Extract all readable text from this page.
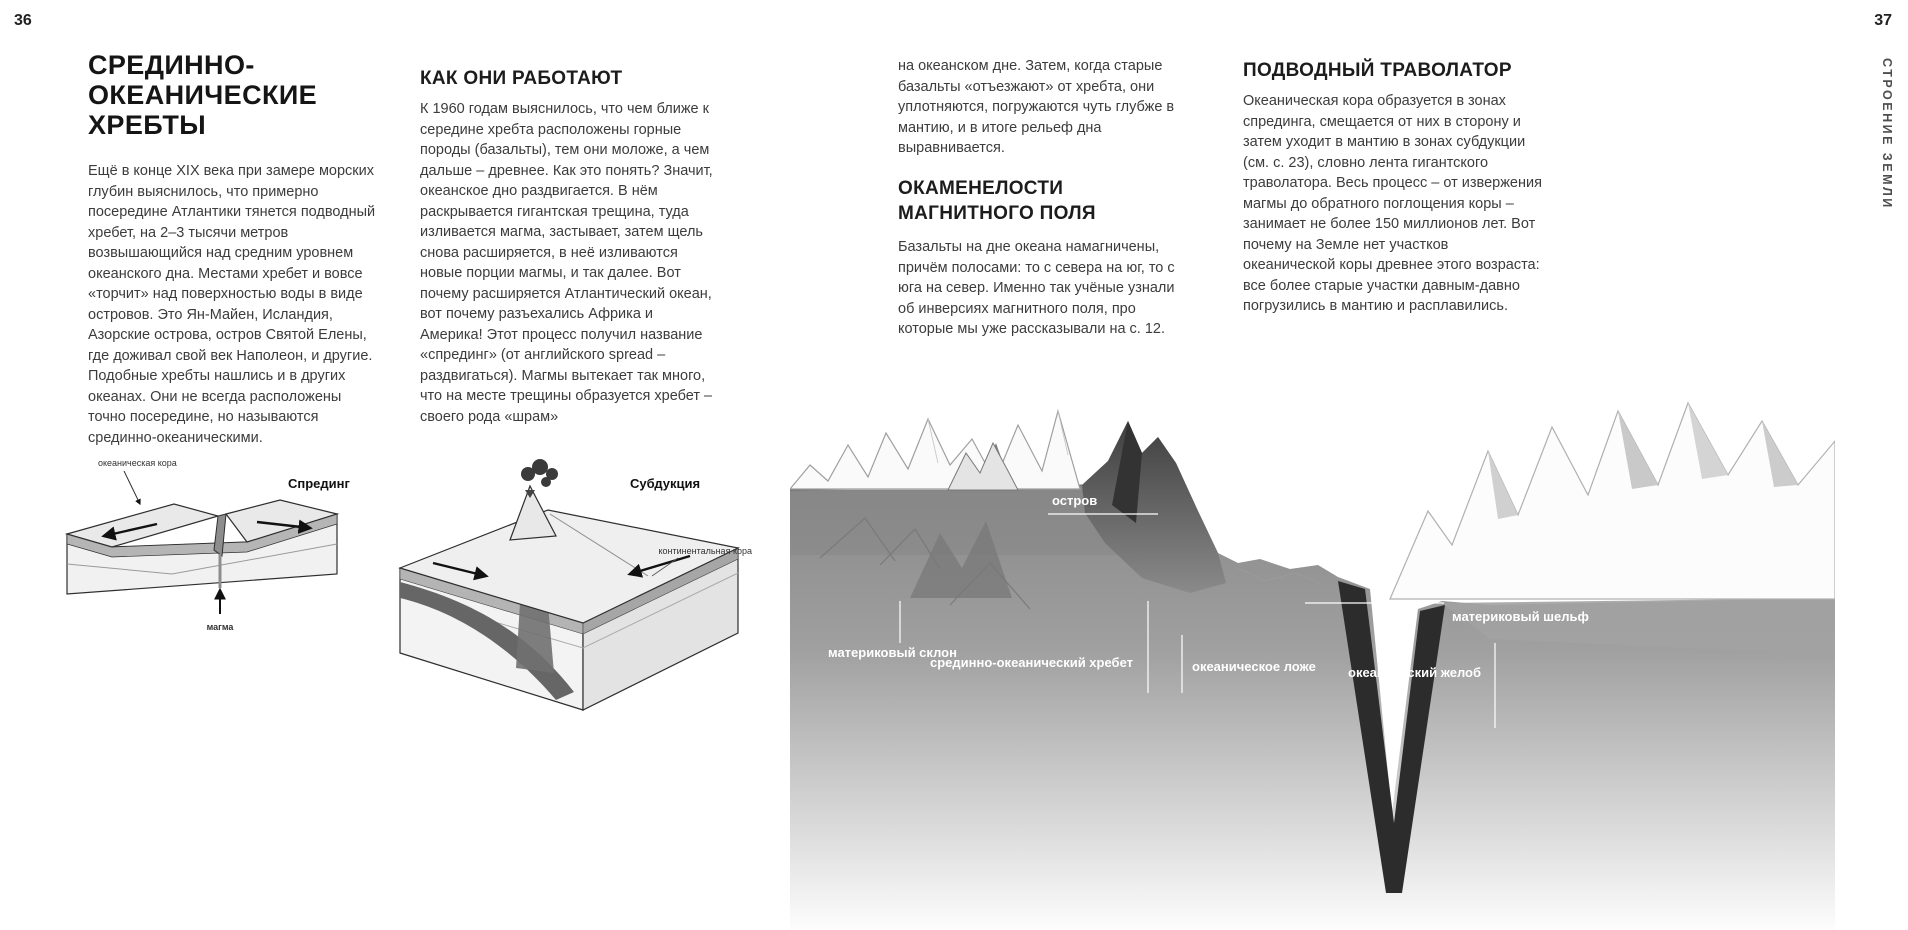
36	37
СТРОЕНИЕ ЗЕМЛИ
СРЕДИННО-
ОКЕАНИЧЕСКИЕ
ХРЕБТЫ

Ещё в конце XIX века при замере морских глубин выяснилось, что примерно посередине Атлантики тянется подводный хребет, на 2–3 тысячи метров возвышающийся над средним уровнем океанского дна. Местами хребет и вовсе «торчит» над поверхностью воды в виде островов. Это Ян-Майен, Исландия, Азорские острова, остров Святой Елены, где доживал свой век Наполеон, и другие. Подобные хребты нашлись и в других океанах. Они не всегда расположены точно посередине, но называются срединно-океаническими.

КАК ОНИ РАБОТАЮТ

К 1960 годам выяснилось, что чем ближе к середине хребта расположены горные породы (базальты), тем они моложе, а чем дальше – древнее. Как это понять? Значит, океанское дно раздвигается. В нём раскрывается гигантская трещина, туда изливается магма, застывает, затем щель снова расширяется, в неё изливаются новые порции магмы, и так далее. Вот почему расширяется Атлантический океан, вот почему разъехались Африка и Америка! Этот процесс получил название «спрединг» (от английского spread – раздвигаться). Магмы вытекает так много, что на месте трещины образуется хребет – своего рода «шрам»

на океанском дне. Затем, когда старые базальты «отъезжают» от хребта, они уплотняются, погружаются чуть глубже в мантию, и в итоге рельеф дна выравнивается.

ОКАМЕНЕЛОСТИ МАГНИТНОГО ПОЛЯ

Базальты на дне океана намагничены, причём полосами: то с севера на юг, то с юга на север. Именно так учёные узнали об инверсиях магнитного поля, про которые мы уже рассказывали на с. 12.

ПОДВОДНЫЙ ТРАВОЛАТОР

Океаническая кора образуется в зонах спрединга, смещается от них в сторону и затем уходит в мантию в зонах субдукции (см. с. 23), словно лента гигантского траволатора. Весь процесс – от извержения магмы до обратного поглощения коры – занимает не более 150 миллионов лет. Вот почему на Земле нет участков океанической коры древнее этого возраста: все более старые участки давным-давно погрузились в мантию и расплавились.

океаническая кора
Спрединг
магма
Субдукция
континентальная кора
остров
материковый склон
срединно-океанический хребет	океаническое ложе океанический желоб
материковый шельф
